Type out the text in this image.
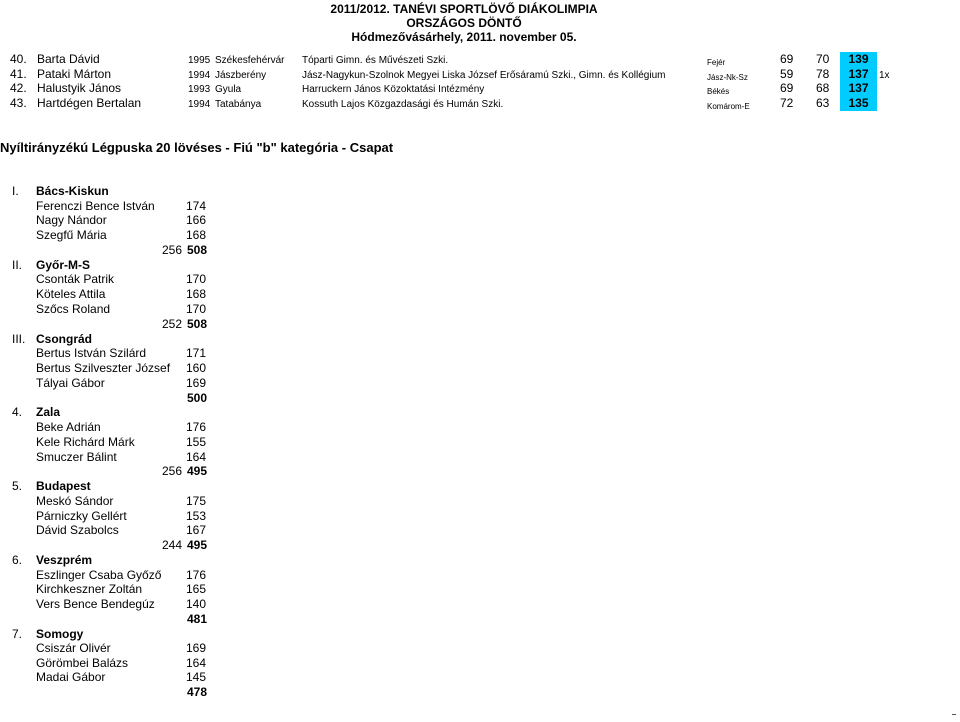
2011/2012. TANÉVI SPORTLÖVŐ DIÁKOLIMPIA
ORSZÁGOS DÖNTŐ
Hódmezővásárhely, 2011. november 05.
40. Barta Dávid	1995 Székesfehérvár Tóparti Gimn. és Művészeti Szki.	Fejér	69 70	139
41. Pataki Márton	1994 Jászberény	Jász-Nagykun-Szolnok Megyei Liska József Erősáramú Szki., Gimn. és Kollégium	Jász-Nk-Sz	59 78	137	1x
42. Halustyik János	1993 Gyula	Harruckern János Közoktatási Intézmény	Békés	69 68	137
43. Hartdégen Bertalan	1994 Tatabánya	Kossuth Lajos Közgazdasági és Humán Szki.	Komárom-E	72 63	135
Nyíltirányzékú Légpuska 20 lövéses - Fiú "b" kategória - Csapat
I. Bács-Kiskun
Ferenczi Bence István	174
Nagy Nándor	166
Szegfű Mária	168
256 508
II. Győr-M-S
Csonták Patrik	170
Köteles Attila	168
Szőcs Roland	170
252 508
III. Csongrád
Bertus István Szilárd	171
Bertus Szilveszter József 160
Tályai Gábor	169
500
4. Zala
Beke Adrián	176
Kele Richárd Márk	155
Smuczer Bálint	164
256 495
5. Budapest
Meskó Sándor	175
Párniczky Gellért	153
Dávid Szabolcs	167
244 495
6. Veszprém
Eszlinger Csaba Győző 176
Kirchkeszner Zoltán	165
Vers Bence Bendegúz	140
481
7. Somogy
Csiszár Olivér	169
Görömbei Balázs	164
Madai Gábor	145
478
